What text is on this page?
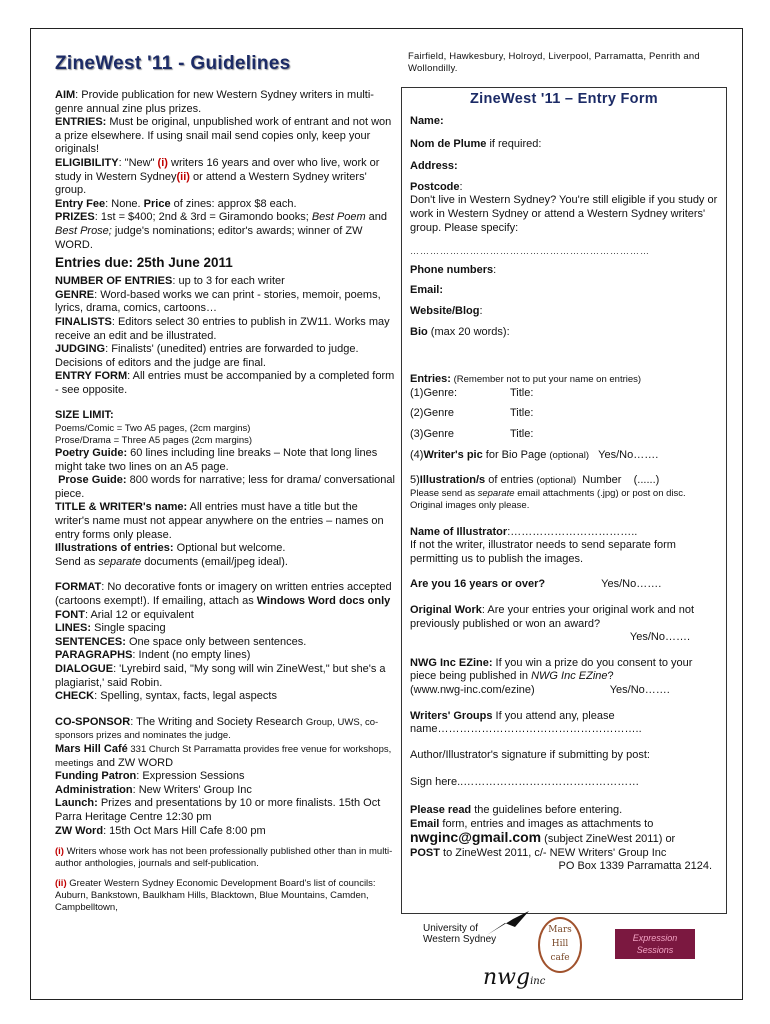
ZineWest '11 - Guidelines

AIM: Provide publication for new Western Sydney writers in multi-genre annual zine plus prizes.

ENTRIES: Must be original, unpublished work of entrant and not won a prize elsewhere. If using snail mail send copies only, keep your originals!

ELIGIBILITY: "New" (i) writers 16 years and over who live, work or study in Western Sydney(ii) or attend a Western Sydney writers' group.

Entry Fee: None. Price of zines: approx $8 each.

PRIZES: 1st = $400; 2nd & 3rd = Giramondo books; Best Poem and Best Prose; judge's nominations; editor's awards; winner of ZW WORD.

Entries due: 25th June 2011

NUMBER OF ENTRIES: up to 3 for each writer

GENRE: Word-based works we can print - stories, memoir, poems, lyrics, drama, comics, cartoons…

FINALISTS: Editors select 30 entries to publish in ZW11. Works may receive an edit and be illustrated.

JUDGING: Finalists' (unedited) entries are forwarded to judge. Decisions of editors and the judge are final.

ENTRY FORM: All entries must be accompanied by a completed form - see opposite.

SIZE LIMIT:

Poems/Comic = Two A5 pages, (2cm margins)

Prose/Drama = Three A5 pages (2cm margins)

Poetry Guide: 60 lines including line breaks – Note that long lines might take two lines on an A5 page.

Prose Guide: 800 words for narrative; less for drama/ conversational piece.

TITLE & WRITER's name: All entries must have a title but the writer's name must not appear anywhere on the entries – names on entry forms only please.

Illustrations of entries: Optional but welcome.

Send as separate documents (email/jpeg ideal).

FORMAT: No decorative fonts or imagery on written entries accepted (cartoons exempt!). If emailing, attach as Windows Word docs only

FONT: Arial 12 or equivalent

LINES: Single spacing

SENTENCES: One space only between sentences.

PARAGRAPHS: Indent (no empty lines)

DIALOGUE: 'Lyrebird said, "My song will win ZineWest," but she's a plagiarist,' said Robin.

CHECK: Spelling, syntax, facts, legal aspects

CO-SPONSOR: The Writing and Society Research Group, UWS, co-sponsors prizes and nominates the judge.

Mars Hill Café 331 Church St Parramatta provides free venue for workshops, meetings and ZW WORD

Funding Patron: Expression Sessions

Administration: New Writers' Group Inc

Launch: Prizes and presentations by 10 or more finalists. 15th Oct Parra Heritage Centre 12:30 pm

ZW Word: 15th Oct Mars Hill Cafe 8:00 pm

(i) Writers whose work has not been professionally published other than in multi-author anthologies, journals and self-publication.

(ii) Greater Western Sydney Economic Development Board's list of councils: Auburn, Bankstown, Baulkham Hills, Blacktown, Blue Mountains, Camden, Campbelltown,

Fairfield, Hawkesbury, Holroyd, Liverpool, Parramatta, Penrith and Wollondilly.
ZineWest '11 – Entry Form
Name:
Nom de Plume if required:
Address:
Postcode:
Don't live in Western Sydney? You're still eligible if you study or work in Western Sydney or attend a Western Sydney writers' group. Please specify:
………………………………………………………………
Phone numbers:
Email:
Website/Blog:
Bio (max 20 words):
Entries: (Remember not to put your name on entries)
(1)Genre:	Title:
(2)Genre	Title:
(3)Genre	Title:
(4)Writer's pic for Bio Page (optional) Yes/No…….
5)Illustration/s of entries (optional) Number (......)
Please send as separate email attachments (.jpg) or post on disc. Original images only please.
Name of Illustrator:……………………………..
If not the writer, illustrator needs to send separate form permitting us to publish the images.
Are you 16 years or over?	Yes/No…….
Original Work: Are your entries your original work and not previously published or won an award?
Yes/No…….
NWG Inc EZine: If you win a prize do you consent to your piece being published in NWG Inc EZine?
(www.nwg-inc.com/ezine)	Yes/No…….
Writers' Groups If you attend any, please name………………………………………………..
Author/Illustrator's signature if submitting by post:
Sign here..…………………………………………
Please read the guidelines before entering.
Email form, entries and images as attachments to
nwginc@gmail.com (subject ZineWest 2011) or
POST to ZineWest 2011, c/- NEW Writers' Group Inc
PO Box 1339 Parramatta 2124.
University of
Western Sydney
Mars
Hill
cafe
Expression
Sessions
nwginc
